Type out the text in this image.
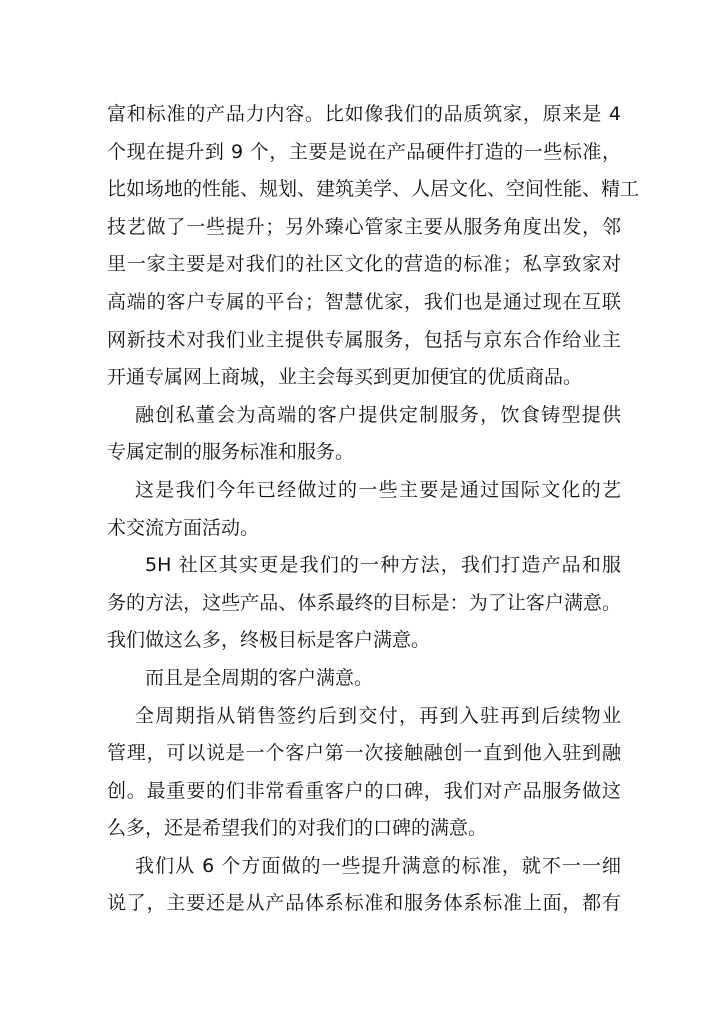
富和标准的产品力内容。比如像我们的品质筑家，原来是 4
个现在提升到 9 个，主要是说在产品硬件打造的一些标准，
比如场地的性能、规划、建筑美学、人居文化、空间性能、精工
技艺做了一些提升；另外臻心管家主要从服务角度出发，邻
里一家主要是对我们的社区文化的营造的标准；私享致家对
高端的客户专属的平台；智慧优家，我们也是通过现在互联
网新技术对我们业主提供专属服务，包括与京东合作给业主
开通专属网上商城，业主会每买到更加便宜的优质商品。
融创私董会为高端的客户提供定制服务，饮食铸型提供
专属定制的服务标准和服务。
这是我们今年已经做过的一些主要是通过国际文化的艺
术交流方面活动。
5H 社区其实更是我们的一种方法，我们打造产品和服
务的方法，这些产品、体系最终的目标是：为了让客户满意。
我们做这么多，终极目标是客户满意。
而且是全周期的客户满意。
全周期指从销售签约后到交付，再到入驻再到后续物业
管理，可以说是一个客户第一次接触融创一直到他入驻到融
创。最重要的们非常看重客户的口碑，我们对产品服务做这
么多，还是希望我们的对我们的口碑的满意。
我们从 6 个方面做的一些提升满意的标准，就不一一细
说了，主要还是从产品体系标准和服务体系标准上面，都有
